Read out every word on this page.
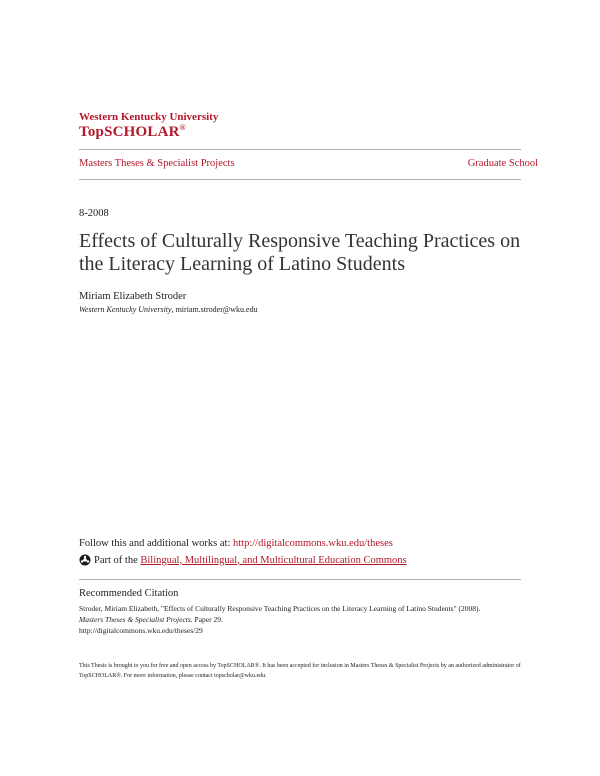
Western Kentucky University
TopSCHOLAR®
Masters Theses & Specialist Projects	Graduate School
8-2008
Effects of Culturally Responsive Teaching Practices on the Literacy Learning of Latino Students
Miriam Elizabeth Stroder
Western Kentucky University, miriam.stroder@wku.edu
Follow this and additional works at: http://digitalcommons.wku.edu/theses
Part of the Bilingual, Multilingual, and Multicultural Education Commons
Recommended Citation
Stroder, Miriam Elizabeth, "Effects of Culturally Responsive Teaching Practices on the Literacy Learning of Latino Students" (2008).
Masters Theses & Specialist Projects. Paper 29.
http://digitalcommons.wku.edu/theses/29
This Thesis is brought to you for free and open access by TopSCHOLAR®. It has been accepted for inclusion in Masters Theses & Specialist Projects by an authorized administrator of TopSCHOLAR®. For more information, please contact topscholar@wku.edu.
